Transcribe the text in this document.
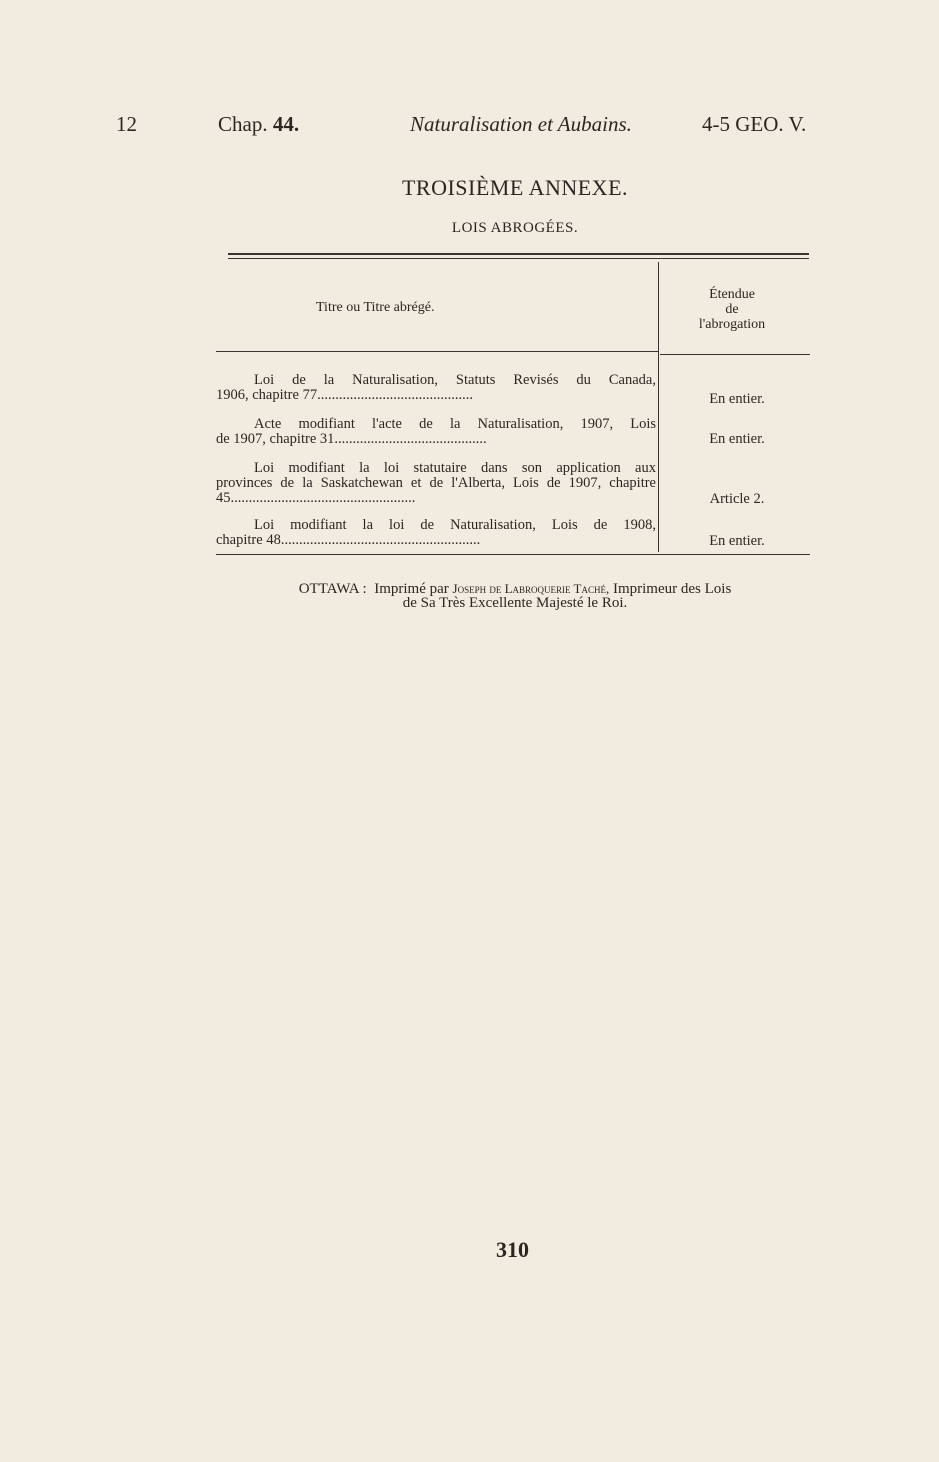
12	Chap. 44.	Naturalisation et Aubains.	4-5 GEO. V.
TROISIÈME ANNEXE.
LOIS ABROGÉES.
Titre ou Titre abrégé.
Étendue
de
l'abrogation
Loi de la Naturalisation, Statuts Revisés du Canada,
1906, chapitre 77...........................................	En entier.
Acte modifiant l'acte de la Naturalisation, 1907, Lois
de 1907, chapitre 31..........................................	En entier.
Loi modifiant la loi statutaire dans son application aux
provinces de la Saskatchewan et de l'Alberta, Lois de 1907, chapitre 45...................................................	Article 2.
Loi modifiant la loi de Naturalisation, Lois de 1908,
chapitre 48.......................................................	En entier.
OTTAWA : Imprimé par Joseph de Labroquerie Taché, Imprimeur des Lois
de Sa Très Excellente Majesté le Roi.
310
